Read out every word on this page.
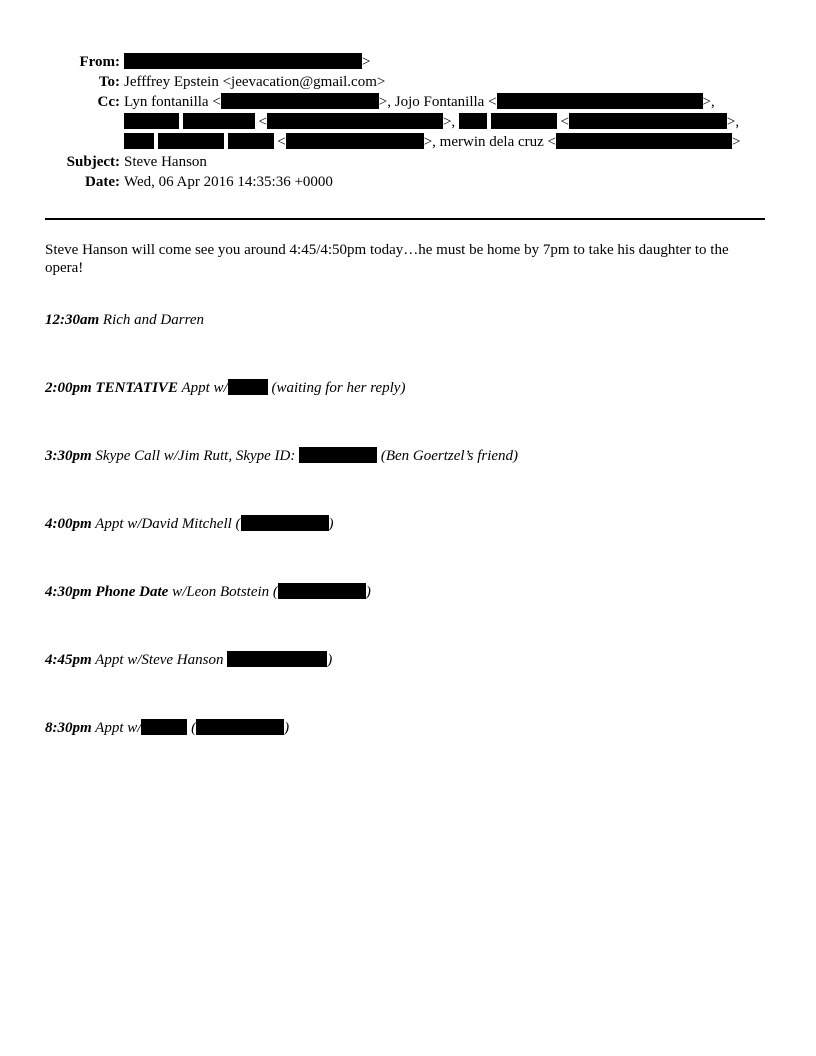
From:	>
To: Jefffrey Epstein <jeevacation@gmail.com>
Cc: Lyn fontanilla <	>, Jojo Fontanilla <	>,
<	>,	<	>,
<	>, merwin dela cruz <	>
Subject: Steve Hanson
Date: Wed, 06 Apr 2016 14:35:36 +0000
Steve Hanson will come see you around 4:45/4:50pm today…he must be home by 7pm to take his daughter to the opera!
12:30am Rich and Darren
2:00pm TENTATIVE Appt w/	(waiting for her reply)
3:30pm Skype Call w/Jim Rutt, Skype ID:	(Ben Goertzel’s friend)
4:00pm Appt w/David Mitchell (	)
4:30pm Phone Date w/Leon Botstein (	)
4:45pm Appt w/Steve Hanson	)
8:30pm Appt w/	(	)
